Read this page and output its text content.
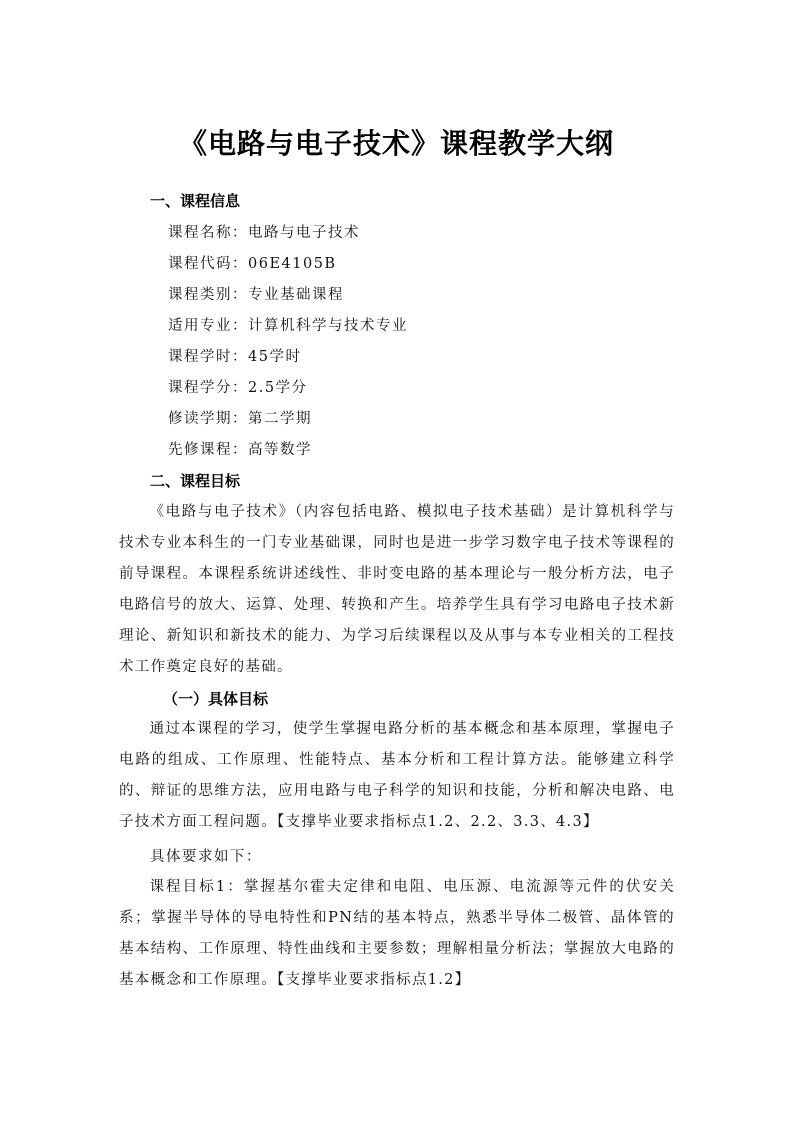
《电路与电子技术》课程教学大纲
一、课程信息
课程名称：电路与电子技术
课程代码：06E4105B
课程类别：专业基础课程
适用专业：计算机科学与技术专业
课程学时：45学时
课程学分：2.5学分
修读学期：第二学期
先修课程：高等数学
二、课程目标

《电路与电子技术》（内容包括电路、模拟电子技术基础）是计算机科学与技术专业本科生的一门专业基础课，同时也是进一步学习数字电子技术等课程的前导课程。本课程系统讲述线性、非时变电路的基本理论与一般分析方法，电子电路信号的放大、运算、处理、转换和产生。培养学生具有学习电路电子技术新理论、新知识和新技术的能力、为学习后续课程以及从事与本专业相关的工程技术工作奠定良好的基础。

（一）具体目标

通过本课程的学习，使学生掌握电路分析的基本概念和基本原理，掌握电子电路的组成、工作原理、性能特点、基本分析和工程计算方法。能够建立科学的、辩证的思维方法，应用电路与电子科学的知识和技能，分析和解决电路、电子技术方面工程问题。【支撑毕业要求指标点1.2、2.2、3.3、4.3】

具体要求如下：

课程目标1：掌握基尔霍夫定律和电阻、电压源、电流源等元件的伏安关系；掌握半导体的导电特性和PN结的基本特点，熟悉半导体二极管、晶体管的基本结构、工作原理、特性曲线和主要参数；理解相量分析法；掌握放大电路的基本概念和工作原理。【支撑毕业要求指标点1.2】
